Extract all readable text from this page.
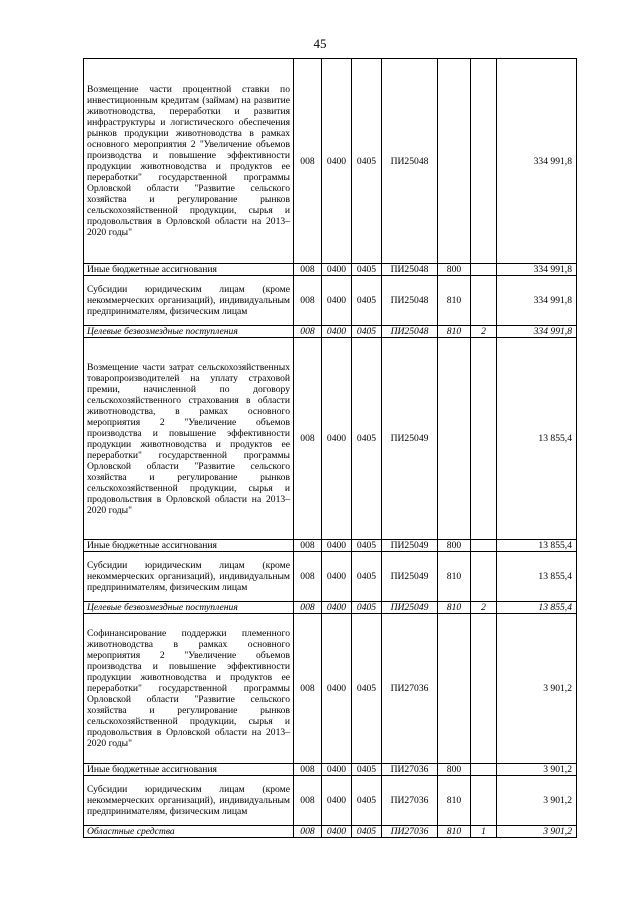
45
Возмещение части процентной ставки по инвестиционным кредитам (займам) на развитие животноводства, переработки и развития инфраструктуры и логистического обеспечения рынков продукции животноводства в рамках основного мероприятия 2 "Увеличение объемов производства и повышение эффективности продукции животноводства и продуктов ее переработки" государственной программы Орловской области "Развитие сельского хозяйства и регулирование рынков сельскохозяйственной продукции, сырья и продовольствия в Орловской области на 2013–2020 годы"	008	0400	0405	ПИ25048			334 991,8
Иные бюджетные ассигнования	008	0400	0405	ПИ25048	800		334 991,8
Субсидии юридическим лицам (кроме некоммерческих организаций), индивидуальным предпринимателям, физическим лицам	008	0400	0405	ПИ25048	810		334 991,8
Целевые безвозмездные поступления	008	0400	0405	ПИ25048	810	2	334 991,8
Возмещение части затрат сельскохозяйственных товаропроизводителей на уплату страховой премии, начисленной по договору сельскохозяйственного страхования в области животноводства, в рамках основного мероприятия 2 "Увеличение объемов производства и повышение эффективности продукции животноводства и продуктов ее переработки" государственной программы Орловской области "Развитие сельского хозяйства и регулирование рынков сельскохозяйственной продукции, сырья и продовольствия в Орловской области на 2013–2020 годы"	008	0400	0405	ПИ25049			13 855,4
Иные бюджетные ассигнования	008	0400	0405	ПИ25049	800		13 855,4
Субсидии юридическим лицам (кроме некоммерческих организаций), индивидуальным предпринимателям, физическим лицам	008	0400	0405	ПИ25049	810		13 855,4
Целевые безвозмездные поступления	008	0400	0405	ПИ25049	810	2	13 855,4
Софинансирование поддержки племенного животноводства в рамках основного мероприятия 2 "Увеличение объемов производства и повышение эффективности продукции животноводства и продуктов ее переработки" государственной программы Орловской области "Развитие сельского хозяйства и регулирование рынков сельскохозяйственной продукции, сырья и продовольствия в Орловской области на 2013–2020 годы"	008	0400	0405	ПИ27036			3 901,2
Иные бюджетные ассигнования	008	0400	0405	ПИ27036	800		3 901,2
Субсидии юридическим лицам (кроме некоммерческих организаций), индивидуальным предпринимателям, физическим лицам	008	0400	0405	ПИ27036	810		3 901,2
Областные средства	008	0400	0405	ПИ27036	810	1	3 901,2
